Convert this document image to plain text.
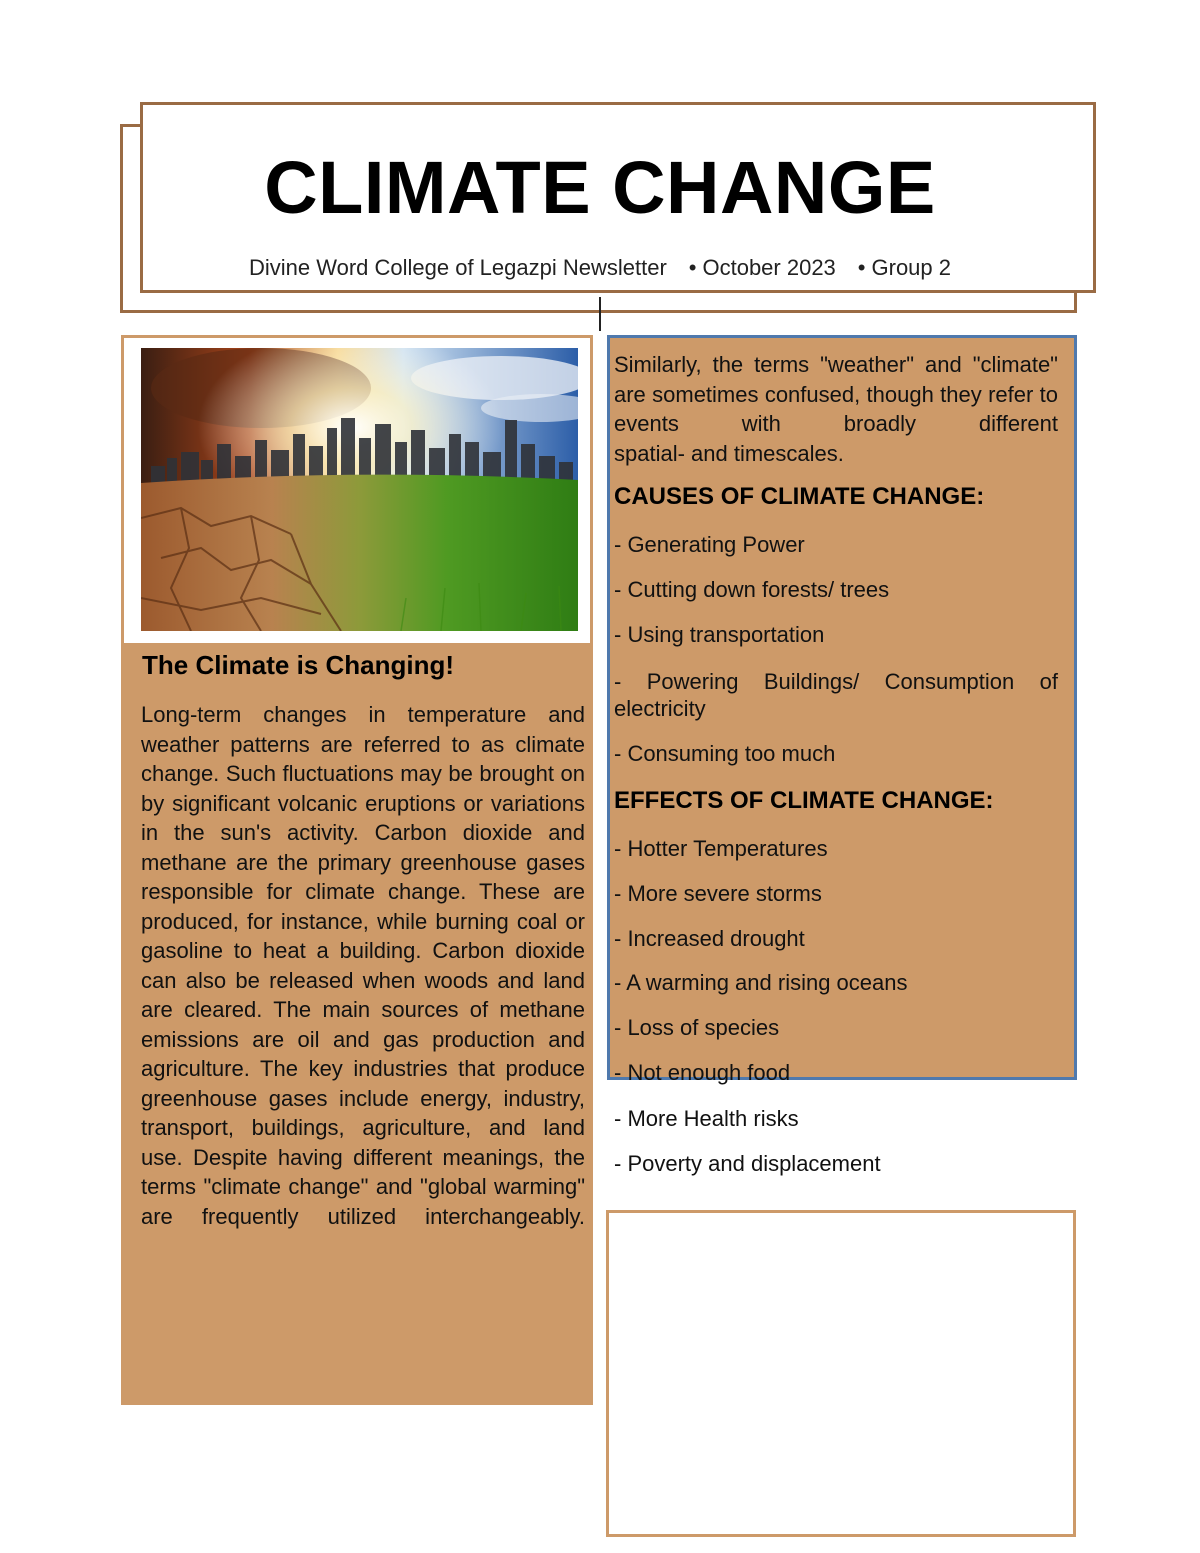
CLIMATE CHANGE
Divine Word College of Legazpi Newsletter • October 2023 • Group 2
The Climate is Changing!
Long-term changes in temperature and weather patterns are referred to as climate change. Such fluctuations may be brought on by significant volcanic eruptions or variations in the sun's activity. Carbon dioxide and methane are the primary greenhouse gases responsible for climate change. These are produced, for instance, while burning coal or gasoline to heat a building. Carbon dioxide can also be released when woods and land are cleared. The main sources of methane emissions are oil and gas production and agriculture. The key industries that produce greenhouse gases include energy, industry, transport, buildings, agriculture, and land use. Despite having different meanings, the terms "climate change" and "global warming" are frequently utilized interchangeably.
Similarly, the terms "weather" and "climate" are sometimes confused, though they refer to events with broadly different
spatial- and timescales.
CAUSES OF CLIMATE CHANGE:
- Generating Power
- Cutting down forests/ trees
- Using transportation
- Powering Buildings/ Consumption of
electricity
- Consuming too much
EFFECTS OF CLIMATE CHANGE:
- Hotter Temperatures
- More severe storms
- Increased drought
- A warming and rising oceans
- Loss of species
- Not enough food
- More Health risks
- Poverty and displacement
